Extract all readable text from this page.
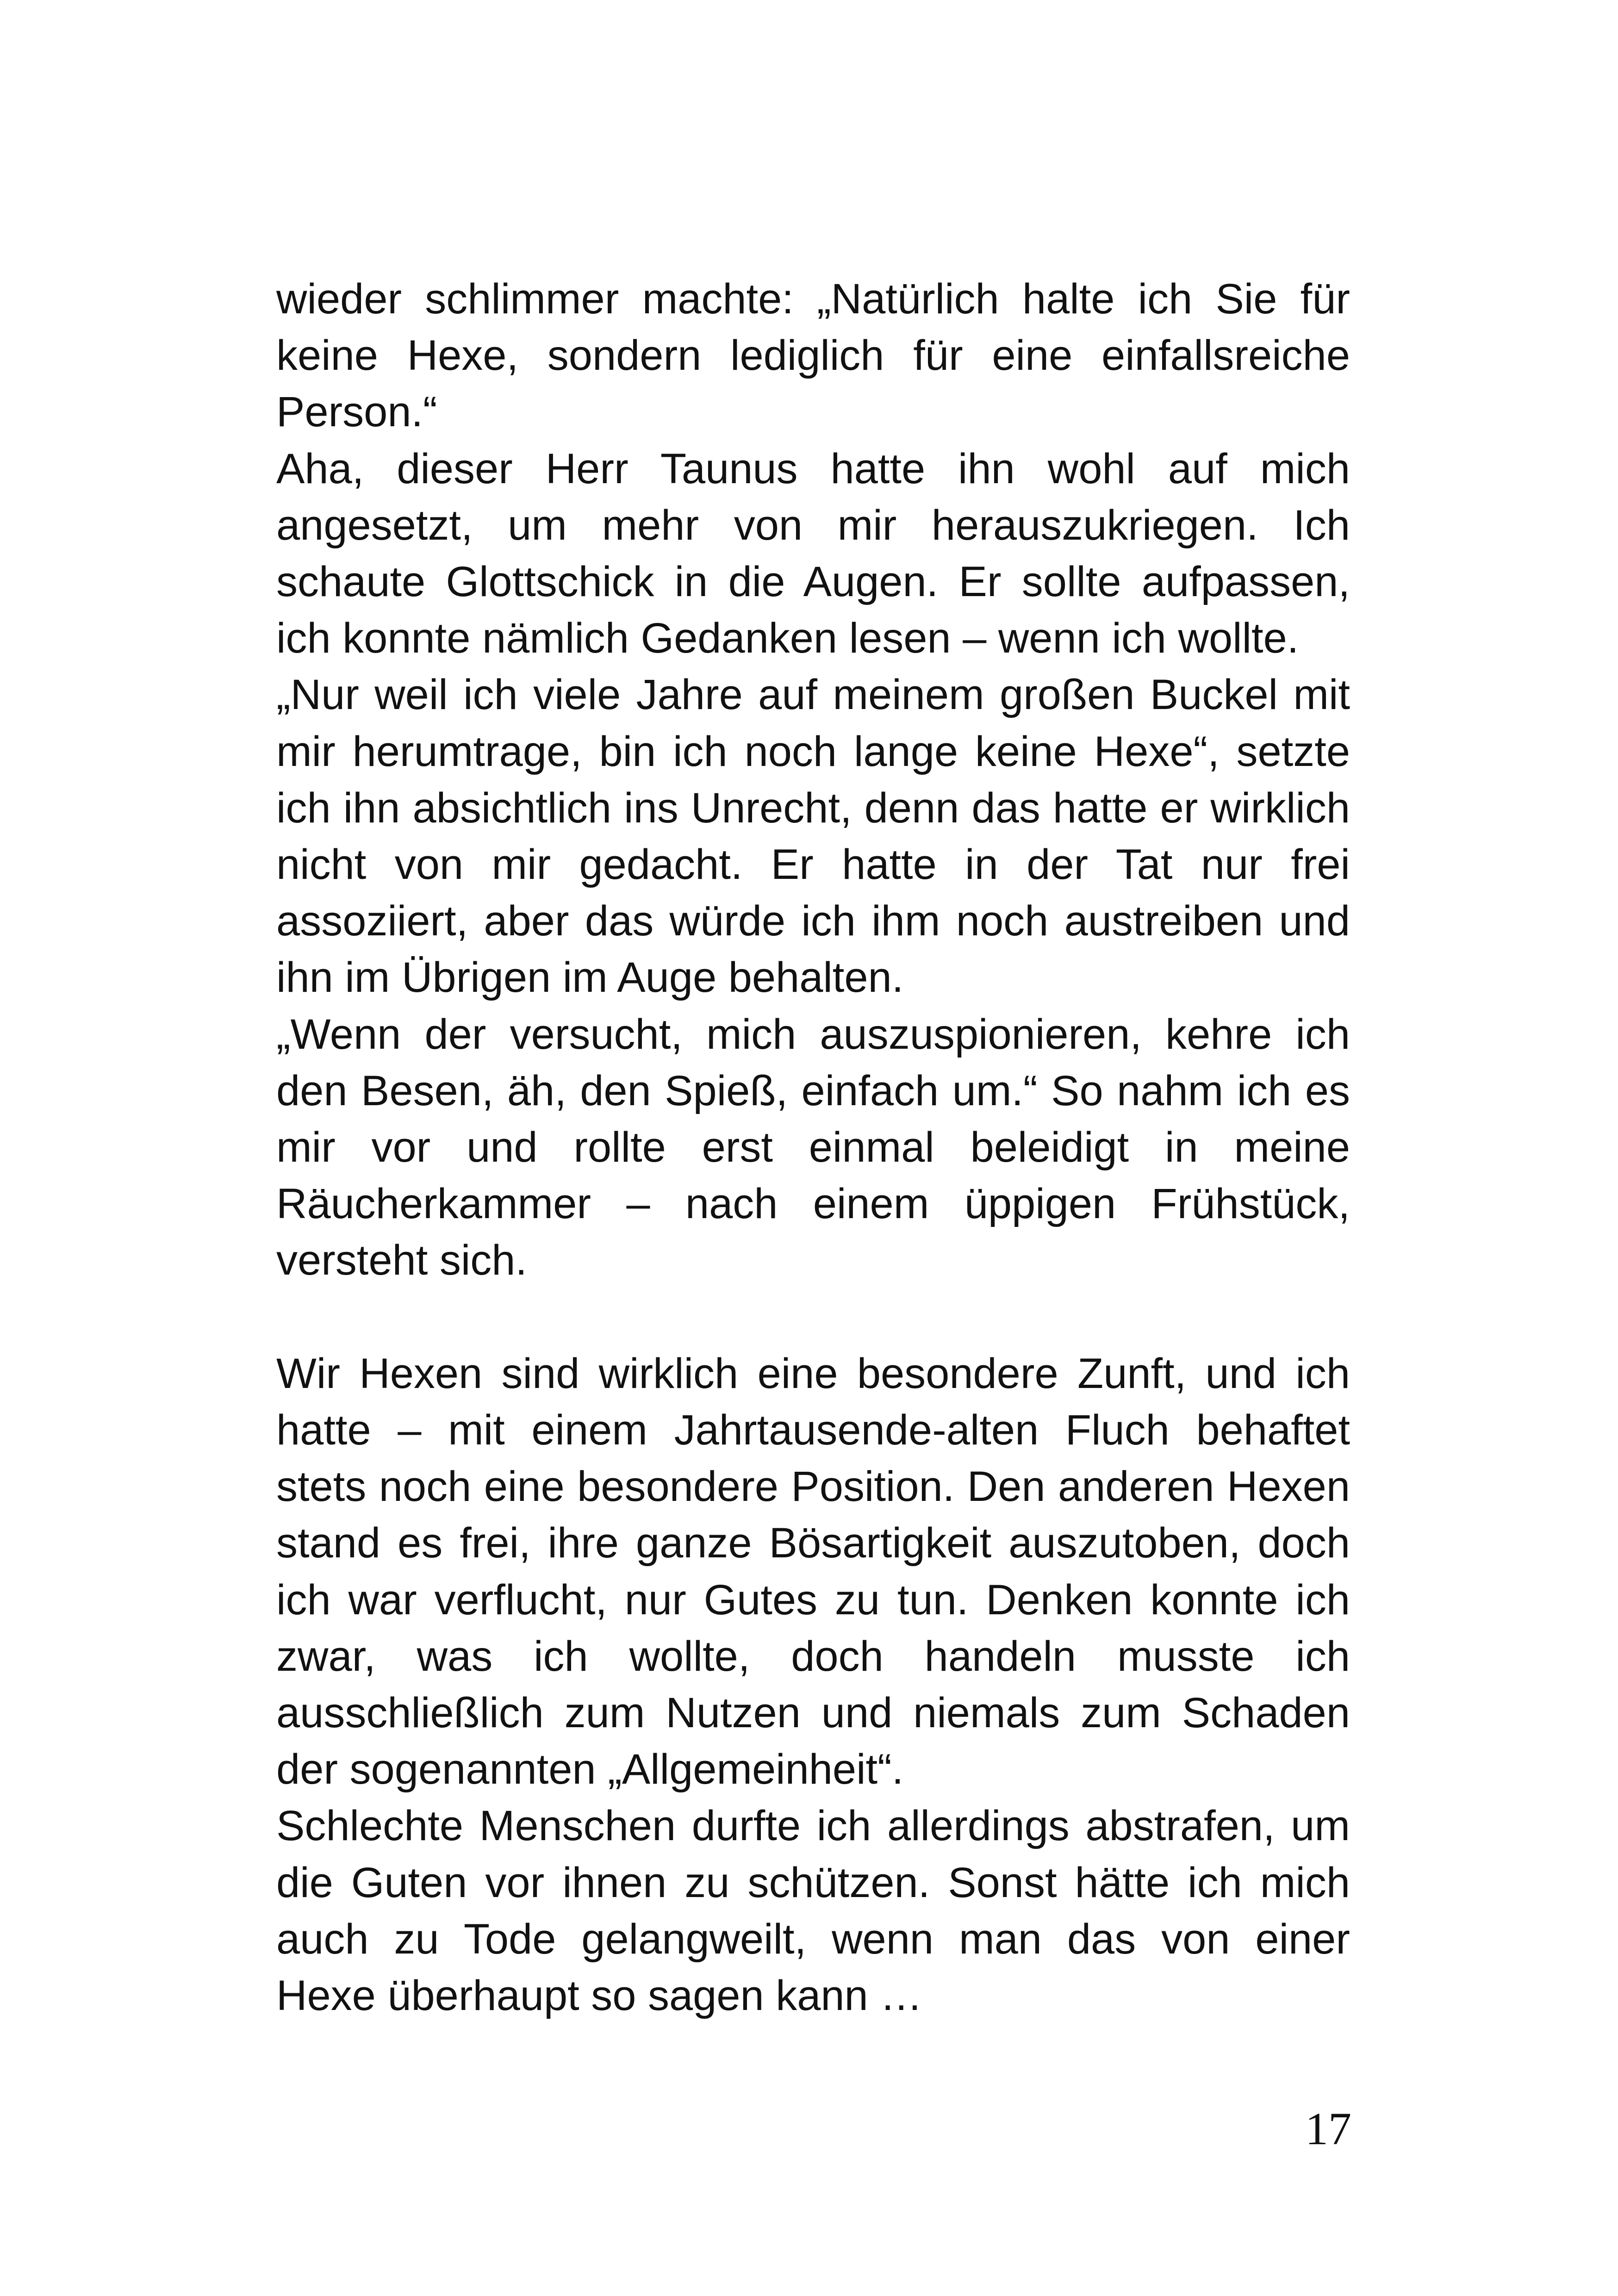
wieder schlimmer machte: „Natürlich halte ich Sie für keine Hexe, sondern lediglich für eine einfallsreiche Person.“

Aha, dieser Herr Taunus hatte ihn wohl auf mich angesetzt, um mehr von mir herauszukriegen. Ich schaute Glottschick in die Augen. Er sollte aufpassen, ich konnte nämlich Gedanken lesen – wenn ich wollte.

„Nur weil ich viele Jahre auf meinem großen Buckel mit mir herumtrage, bin ich noch lange keine Hexe“, setzte ich ihn absichtlich ins Unrecht, denn das hatte er wirklich nicht von mir gedacht. Er hatte in der Tat nur frei assoziiert, aber das würde ich ihm noch austreiben und ihn im Übrigen im Auge behalten.

„Wenn der versucht, mich auszuspionieren, kehre ich den Besen, äh, den Spieß, einfach um.“ So nahm ich es mir vor und rollte erst einmal beleidigt in meine Räucherkammer – nach einem üppigen Frühstück, versteht sich.

Wir Hexen sind wirklich eine besondere Zunft, und ich hatte – mit einem Jahrtausende-alten Fluch behaftet stets noch eine besondere Position. Den anderen Hexen stand es frei, ihre ganze Bösartigkeit auszutoben, doch ich war verflucht, nur Gutes zu tun. Denken konnte ich zwar, was ich wollte, doch handeln musste ich ausschließlich zum Nutzen und niemals zum Schaden der sogenannten „Allgemeinheit“.

Schlechte Menschen durfte ich allerdings abstrafen, um die Guten vor ihnen zu schützen. Sonst hätte ich mich auch zu Tode gelangweilt, wenn man das von einer Hexe überhaupt so sagen kann …

17
